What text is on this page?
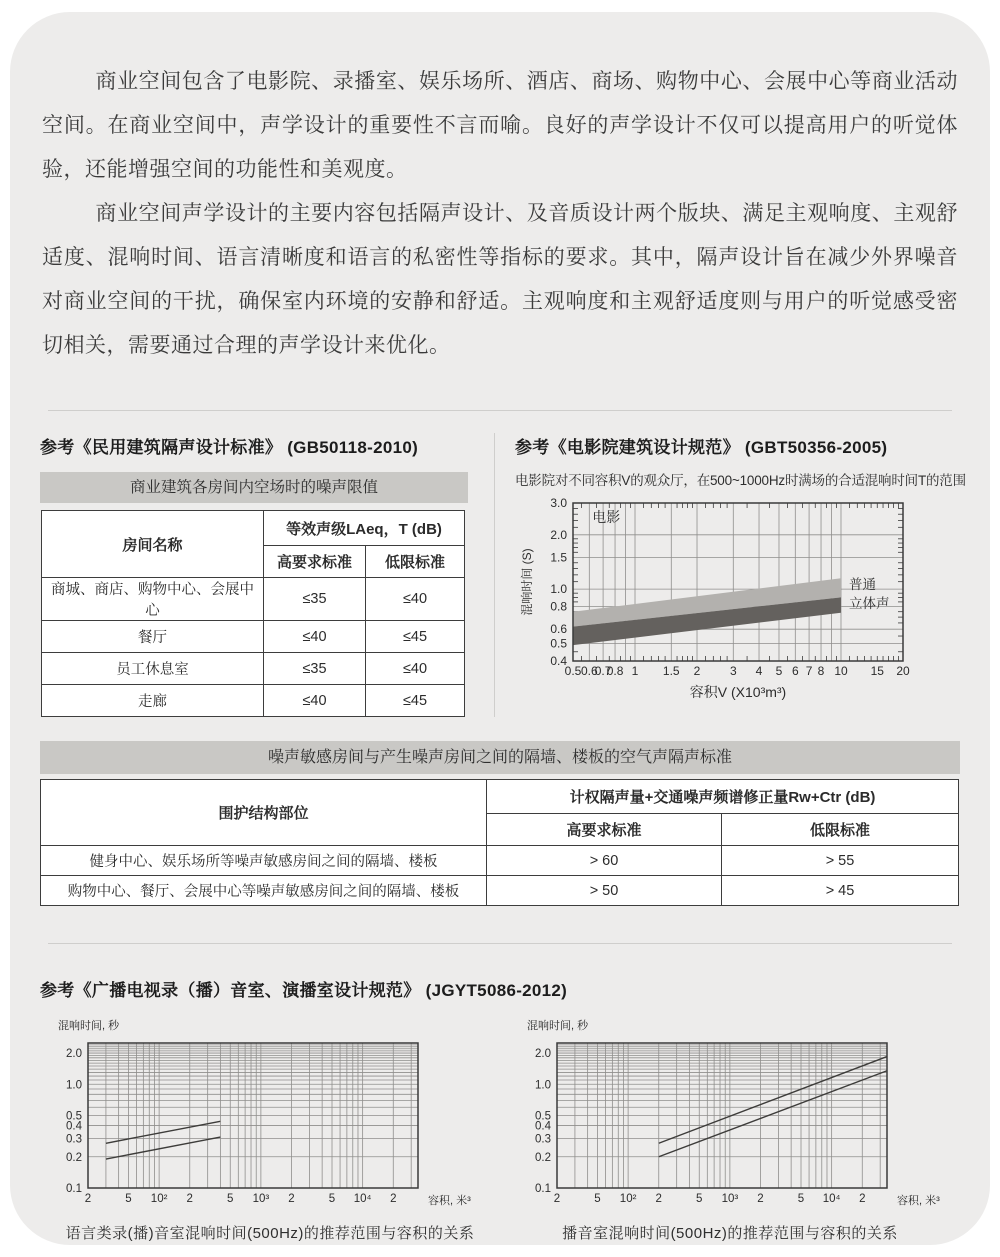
商业空间包含了电影院、录播室、娱乐场所、酒店、商场、购物中心、会展中心等商业活动空间。在商业空间中，声学设计的重要性不言而喻。良好的声学设计不仅可以提高用户的听觉体验，还能增强空间的功能性和美观度。

商业空间声学设计的主要内容包括隔声设计、及音质设计两个版块、满足主观响度、主观舒适度、混响时间、语言清晰度和语言的私密性等指标的要求。其中，隔声设计旨在减少外界噪音对商业空间的干扰，确保室内环境的安静和舒适。主观响度和主观舒适度则与用户的听觉感受密切相关，需要通过合理的声学设计来优化。

参考《民用建筑隔声设计标准》 (GB50118-2010)
商业建筑各房间内空场时的噪声限值
房间名称	等效声级LAeq，T (dB)	
	高要求标准	低限标准
商城、商店、购物中心、会展中心	≤35	≤40
餐厅	≤40	≤45
员工休息室	≤35	≤40
走廊	≤40	≤45
参考《电影院建筑设计规范》 (GBT50356-2005)

电影院对不同容积V的观众厅，在500~1000Hz时满场的合适混响时间T的范围

普通
立体声
0.5 0.6
0.7
0.8 1 1.5 2 3 4 5 6 7 8 10 15 20
3.0
2.0
1.5
1.0
0.8
0.6
0.5
0.4
容积V (X10³m³)
混响时间 (S)
电影
噪声敏感房间与产生噪声房间之间的隔墙、楼板的空气声隔声标准
围护结构部位	计权隔声量+交通噪声频谱修正量Rw+Ctr (dB)	
	高要求标准	低限标准
健身中心、娱乐场所等噪声敏感房间之间的隔墙、楼板	> 60	> 55
购物中心、餐厅、会展中心等噪声敏感房间之间的隔墙、楼板	> 50	> 45
参考《广播电视录（播）音室、演播室设计规范》 (JGYT5086-2012)
2	5 10² 2	5 10³ 2	5 10⁴ 2
2.0
1.0
0.5
0.4
0.3
0.2
0.1
容积, 米³
混响时间, 秒
语言类录(播)音室混响时间(500Hz)的推荐范围与容积的关系
2	5 10² 2	5 10³ 2	5 10⁴ 2
2.0
1.0
0.5
0.4
0.3
0.2
0.1
容积, 米³
混响时间, 秒
播音室混响时间(500Hz)的推荐范围与容积的关系
